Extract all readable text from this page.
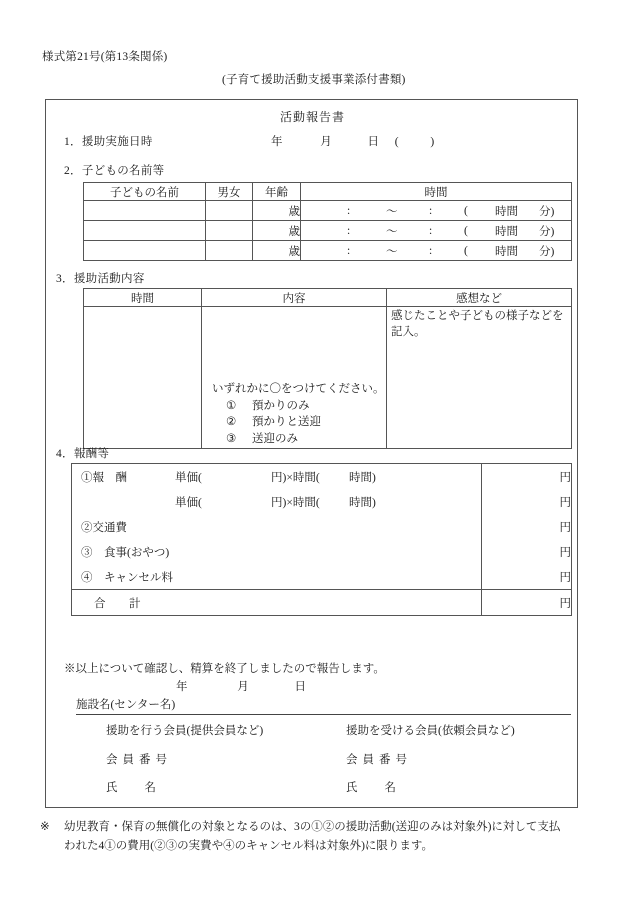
様式第21号(第13条関係)
(子育て援助活動支援事業添付書類)
活動報告書
1．援助実施日時	年	月	日 (	)
2．子どもの名前等
子どもの名前	男女	年齢	時間
		歳	:	～	:	( 時間 分)

		歳	:	～	:	( 時間 分)

		歳	:	～	:	( 時間 分)
3．援助活動内容
時間	内容	感想など

	いずれかに〇をつけてください。
① 預かりのみ
② 預かりと送迎
③ 送迎のみ	感じたことや子どもの様子などを記入。
4．報酬等
①報　酬 単価( 円)×時間( 時間)	円

単価( 円)×時間( 時間)	円

②交通費	円

③　食事(おやつ)	円

④　キャンセル料	円

合　計	円
※以上について確認し、精算を終了しましたので報告します。
年	月	日
施設名(センター名)
援助を行う会員(提供会員など)
会員番号
氏 名
援助を受ける会員(依頼会員など)
会員番号
氏 名
※ 幼児教育・保育の無償化の対象となるのは、3の①②の援助活動(送迎のみは対象外)に対して支払
われた4①の費用(②③の実費や④のキャンセル料は対象外)に限ります。
